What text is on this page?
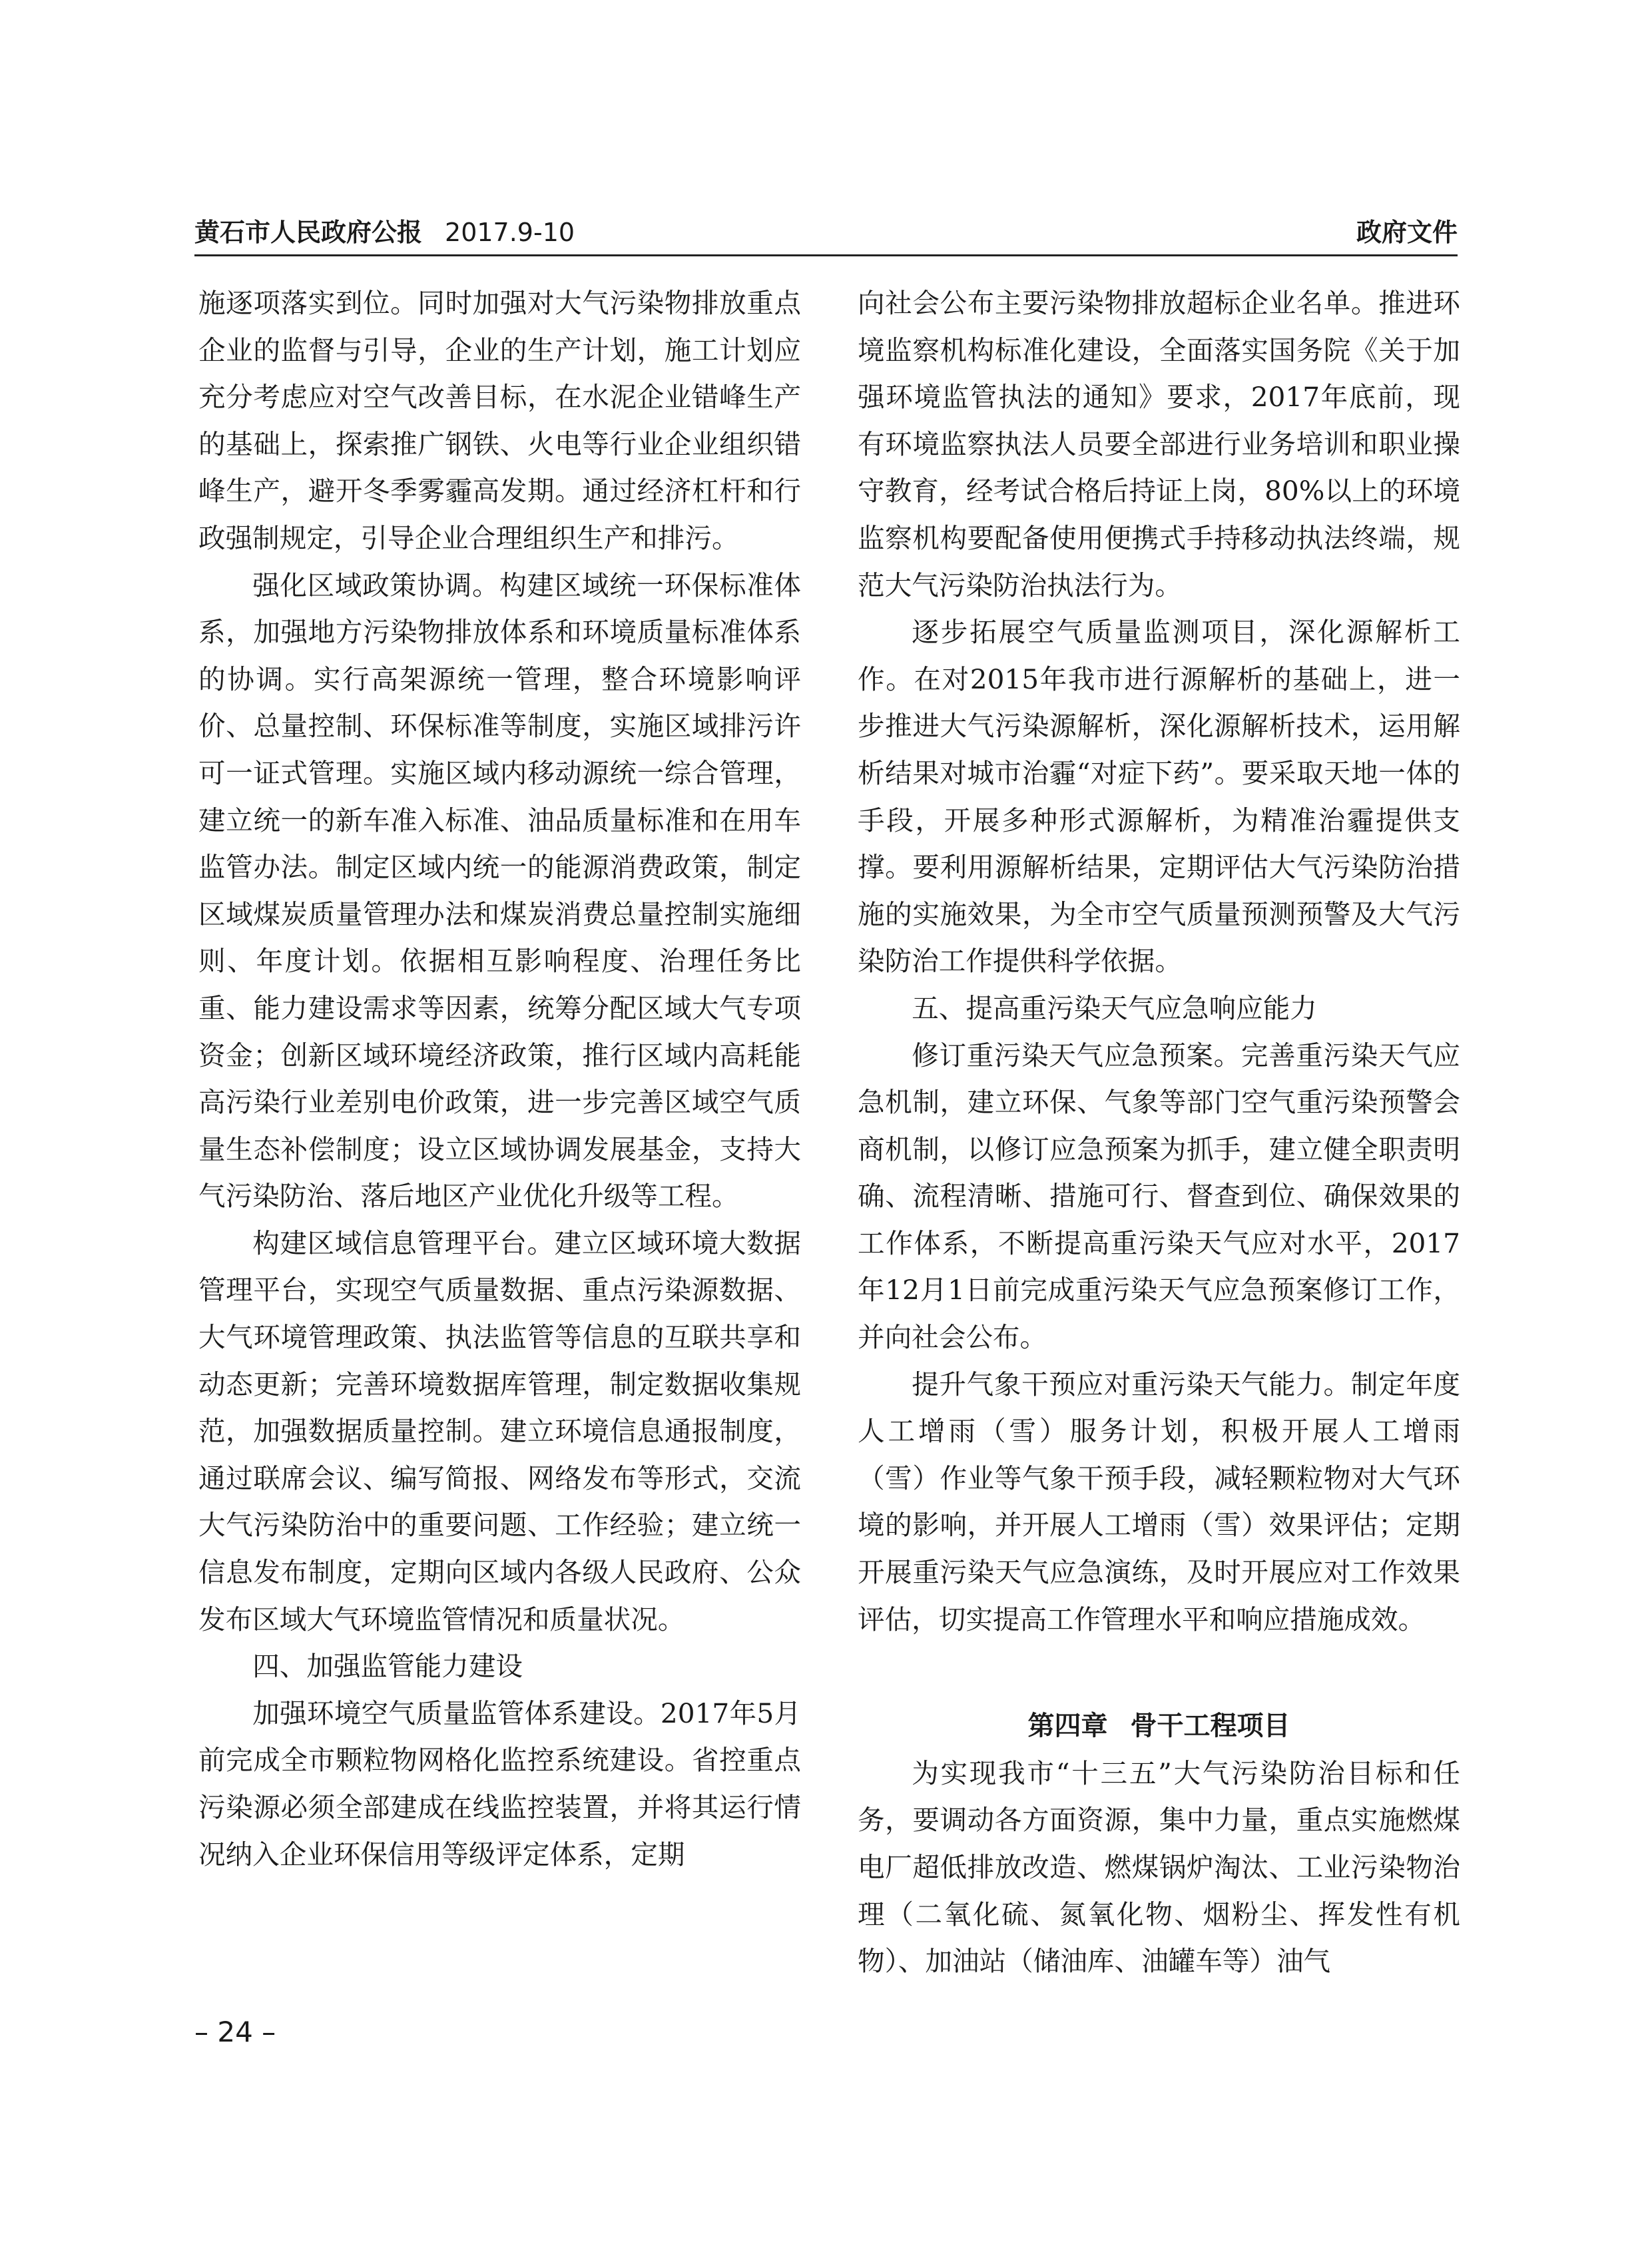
黄石市人民政府公报 2017.9-10	政府文件

施逐项落实到位。同时加强对大气污染物排放重点企业的监督与引导，企业的生产计划，施工计划应充分考虑应对空气改善目标，在水泥企业错峰生产的基础上，探索推广钢铁、火电等行业企业组织错峰生产，避开冬季雾霾高发期。通过经济杠杆和行政强制规定，引导企业合理组织生产和排污。

强化区域政策协调。构建区域统一环保标准体系，加强地方污染物排放体系和环境质量标准体系的协调。实行高架源统一管理，整合环境影响评价、总量控制、环保标准等制度，实施区域排污许可一证式管理。实施区域内移动源统一综合管理，建立统一的新车准入标准、油品质量标准和在用车监管办法。制定区域内统一的能源消费政策，制定区域煤炭质量管理办法和煤炭消费总量控制实施细则、年度计划。依据相互影响程度、治理任务比重、能力建设需求等因素，统筹分配区域大气专项资金；创新区域环境经济政策，推行区域内高耗能高污染行业差别电价政策，进一步完善区域空气质量生态补偿制度；设立区域协调发展基金，支持大气污染防治、落后地区产业优化升级等工程。

构建区域信息管理平台。建立区域环境大数据管理平台，实现空气质量数据、重点污染源数据、大气环境管理政策、执法监管等信息的互联共享和动态更新；完善环境数据库管理，制定数据收集规范，加强数据质量控制。建立环境信息通报制度，通过联席会议、编写简报、网络发布等形式，交流大气污染防治中的重要问题、工作经验；建立统一信息发布制度，定期向区域内各级人民政府、公众发布区域大气环境监管情况和质量状况。

四、加强监管能力建设

加强环境空气质量监管体系建设。2017年5月前完成全市颗粒物网格化监控系统建设。省控重点污染源必须全部建成在线监控装置，并将其运行情况纳入企业环保信用等级评定体系，定期

向社会公布主要污染物排放超标企业名单。推进环境监察机构标准化建设，全面落实国务院《关于加强环境监管执法的通知》要求，2017年底前，现有环境监察执法人员要全部进行业务培训和职业操守教育，经考试合格后持证上岗，80%以上的环境监察机构要配备使用便携式手持移动执法终端，规范大气污染防治执法行为。

逐步拓展空气质量监测项目，深化源解析工作。在对2015年我市进行源解析的基础上，进一步推进大气污染源解析，深化源解析技术，运用解析结果对城市治霾“对症下药”。要采取天地一体的手段，开展多种形式源解析，为精准治霾提供支撑。要利用源解析结果，定期评估大气污染防治措施的实施效果，为全市空气质量预测预警及大气污染防治工作提供科学依据。

五、提高重污染天气应急响应能力

修订重污染天气应急预案。完善重污染天气应急机制，建立环保、气象等部门空气重污染预警会商机制，以修订应急预案为抓手，建立健全职责明确、流程清晰、措施可行、督查到位、确保效果的工作体系，不断提高重污染天气应对水平，2017年12月1日前完成重污染天气应急预案修订工作，并向社会公布。

提升气象干预应对重污染天气能力。制定年度人工增雨（雪）服务计划，积极开展人工增雨（雪）作业等气象干预手段，减轻颗粒物对大气环境的影响，并开展人工增雨（雪）效果评估；定期开展重污染天气应急演练，及时开展应对工作效果评估，切实提高工作管理水平和响应措施成效。

第四章 骨干工程项目

为实现我市“十三五”大气污染防治目标和任务，要调动各方面资源，集中力量，重点实施燃煤电厂超低排放改造、燃煤锅炉淘汰、工业污染物治理（二氧化硫、氮氧化物、烟粉尘、挥发性有机物）、加油站（储油库、油罐车等）油气

– 24 –
